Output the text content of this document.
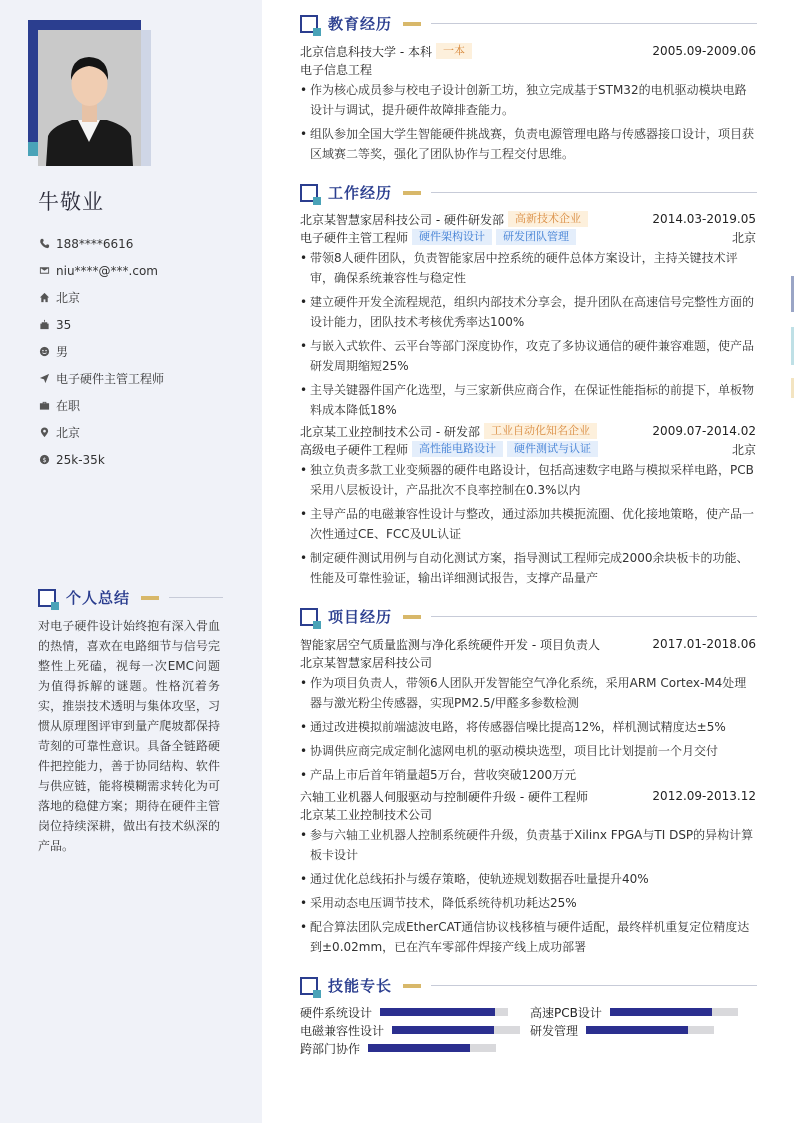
牛敬业
188****6616
niu****@***.com
北京
35
男
电子硬件主管工程师
在职
北京
$ 25k-35k
个人总结
对电子硬件设计始终抱有深入骨血的热情，喜欢在电路细节与信号完整性上死磕，视每一次EMC问题为值得拆解的谜题。性格沉着务实，推崇技术透明与集体攻坚，习惯从原理图评审到量产爬坡都保持苛刻的可靠性意识。具备全链路硬件把控能力，善于协同结构、软件与供应链，能将模糊需求转化为可落地的稳健方案；期待在硬件主管岗位持续深耕，做出有技术纵深的产品。
教育经历
北京信息科技大学 - 本科	一本	2005.09-2009.06
电子信息工程
• 作为核心成员参与校电子设计创新工坊，独立完成基于STM32的电机驱动模块电路设计与调试，提升硬件故障排查能力。
• 组队参加全国大学生智能硬件挑战赛，负责电源管理电路与传感器接口设计，项目获区域赛二等奖，强化了团队协作与工程交付思维。
工作经历
北京某智慧家居科技公司 - 硬件研发部	高新技术企业	2014.03-2019.05
电子硬件主管工程师	硬件架构设计	研发团队管理	北京
• 带领8人硬件团队，负责智能家居中控系统的硬件总体方案设计，主持关键技术评审，确保系统兼容性与稳定性
• 建立硬件开发全流程规范，组织内部技术分享会，提升团队在高速信号完整性方面的设计能力，团队技术考核优秀率达100%
• 与嵌入式软件、云平台等部门深度协作，攻克了多协议通信的硬件兼容难题，使产品研发周期缩短25%
• 主导关键器件国产化选型，与三家新供应商合作，在保证性能指标的前提下，单板物料成本降低18%
北京某工业控制技术公司 - 研发部	工业自动化知名企业	2009.07-2014.02
高级电子硬件工程师	高性能电路设计	硬件测试与认证	北京
• 独立负责多款工业变频器的硬件电路设计，包括高速数字电路与模拟采样电路，PCB采用八层板设计，产品批次不良率控制在0.3%以内
• 主导产品的电磁兼容性设计与整改，通过添加共模扼流圈、优化接地策略，使产品一次性通过CE、FCC及UL认证
• 制定硬件测试用例与自动化测试方案，指导测试工程师完成2000余块板卡的功能、性能及可靠性验证，输出详细测试报告，支撑产品量产
项目经历
智能家居空气质量监测与净化系统硬件开发 - 项目负责人	2017.01-2018.06
北京某智慧家居科技公司
• 作为项目负责人，带领6人团队开发智能空气净化系统，采用ARM Cortex-M4处理器与激光粉尘传感器，实现PM2.5/甲醛多参数检测
• 通过改进模拟前端滤波电路，将传感器信噪比提高12%，样机测试精度达±5%
• 协调供应商完成定制化滤网电机的驱动模块选型，项目比计划提前一个月交付
• 产品上市后首年销量超5万台，营收突破1200万元
六轴工业机器人伺服驱动与控制硬件升级 - 硬件工程师	2012.09-2013.12
北京某工业控制技术公司
• 参与六轴工业机器人控制系统硬件升级，负责基于Xilinx FPGA与TI DSP的异构计算板卡设计
• 通过优化总线拓扑与缓存策略，使轨迹规划数据吞吐量提升40%
• 采用动态电压调节技术，降低系统待机功耗达25%
• 配合算法团队完成EtherCAT通信协议栈移植与硬件适配，最终样机重复定位精度达到±0.02mm，已在汽车零部件焊接产线上成功部署
技能专长
硬件系统设计	高速PCB设计
电磁兼容性设计	研发管理
跨部门协作
